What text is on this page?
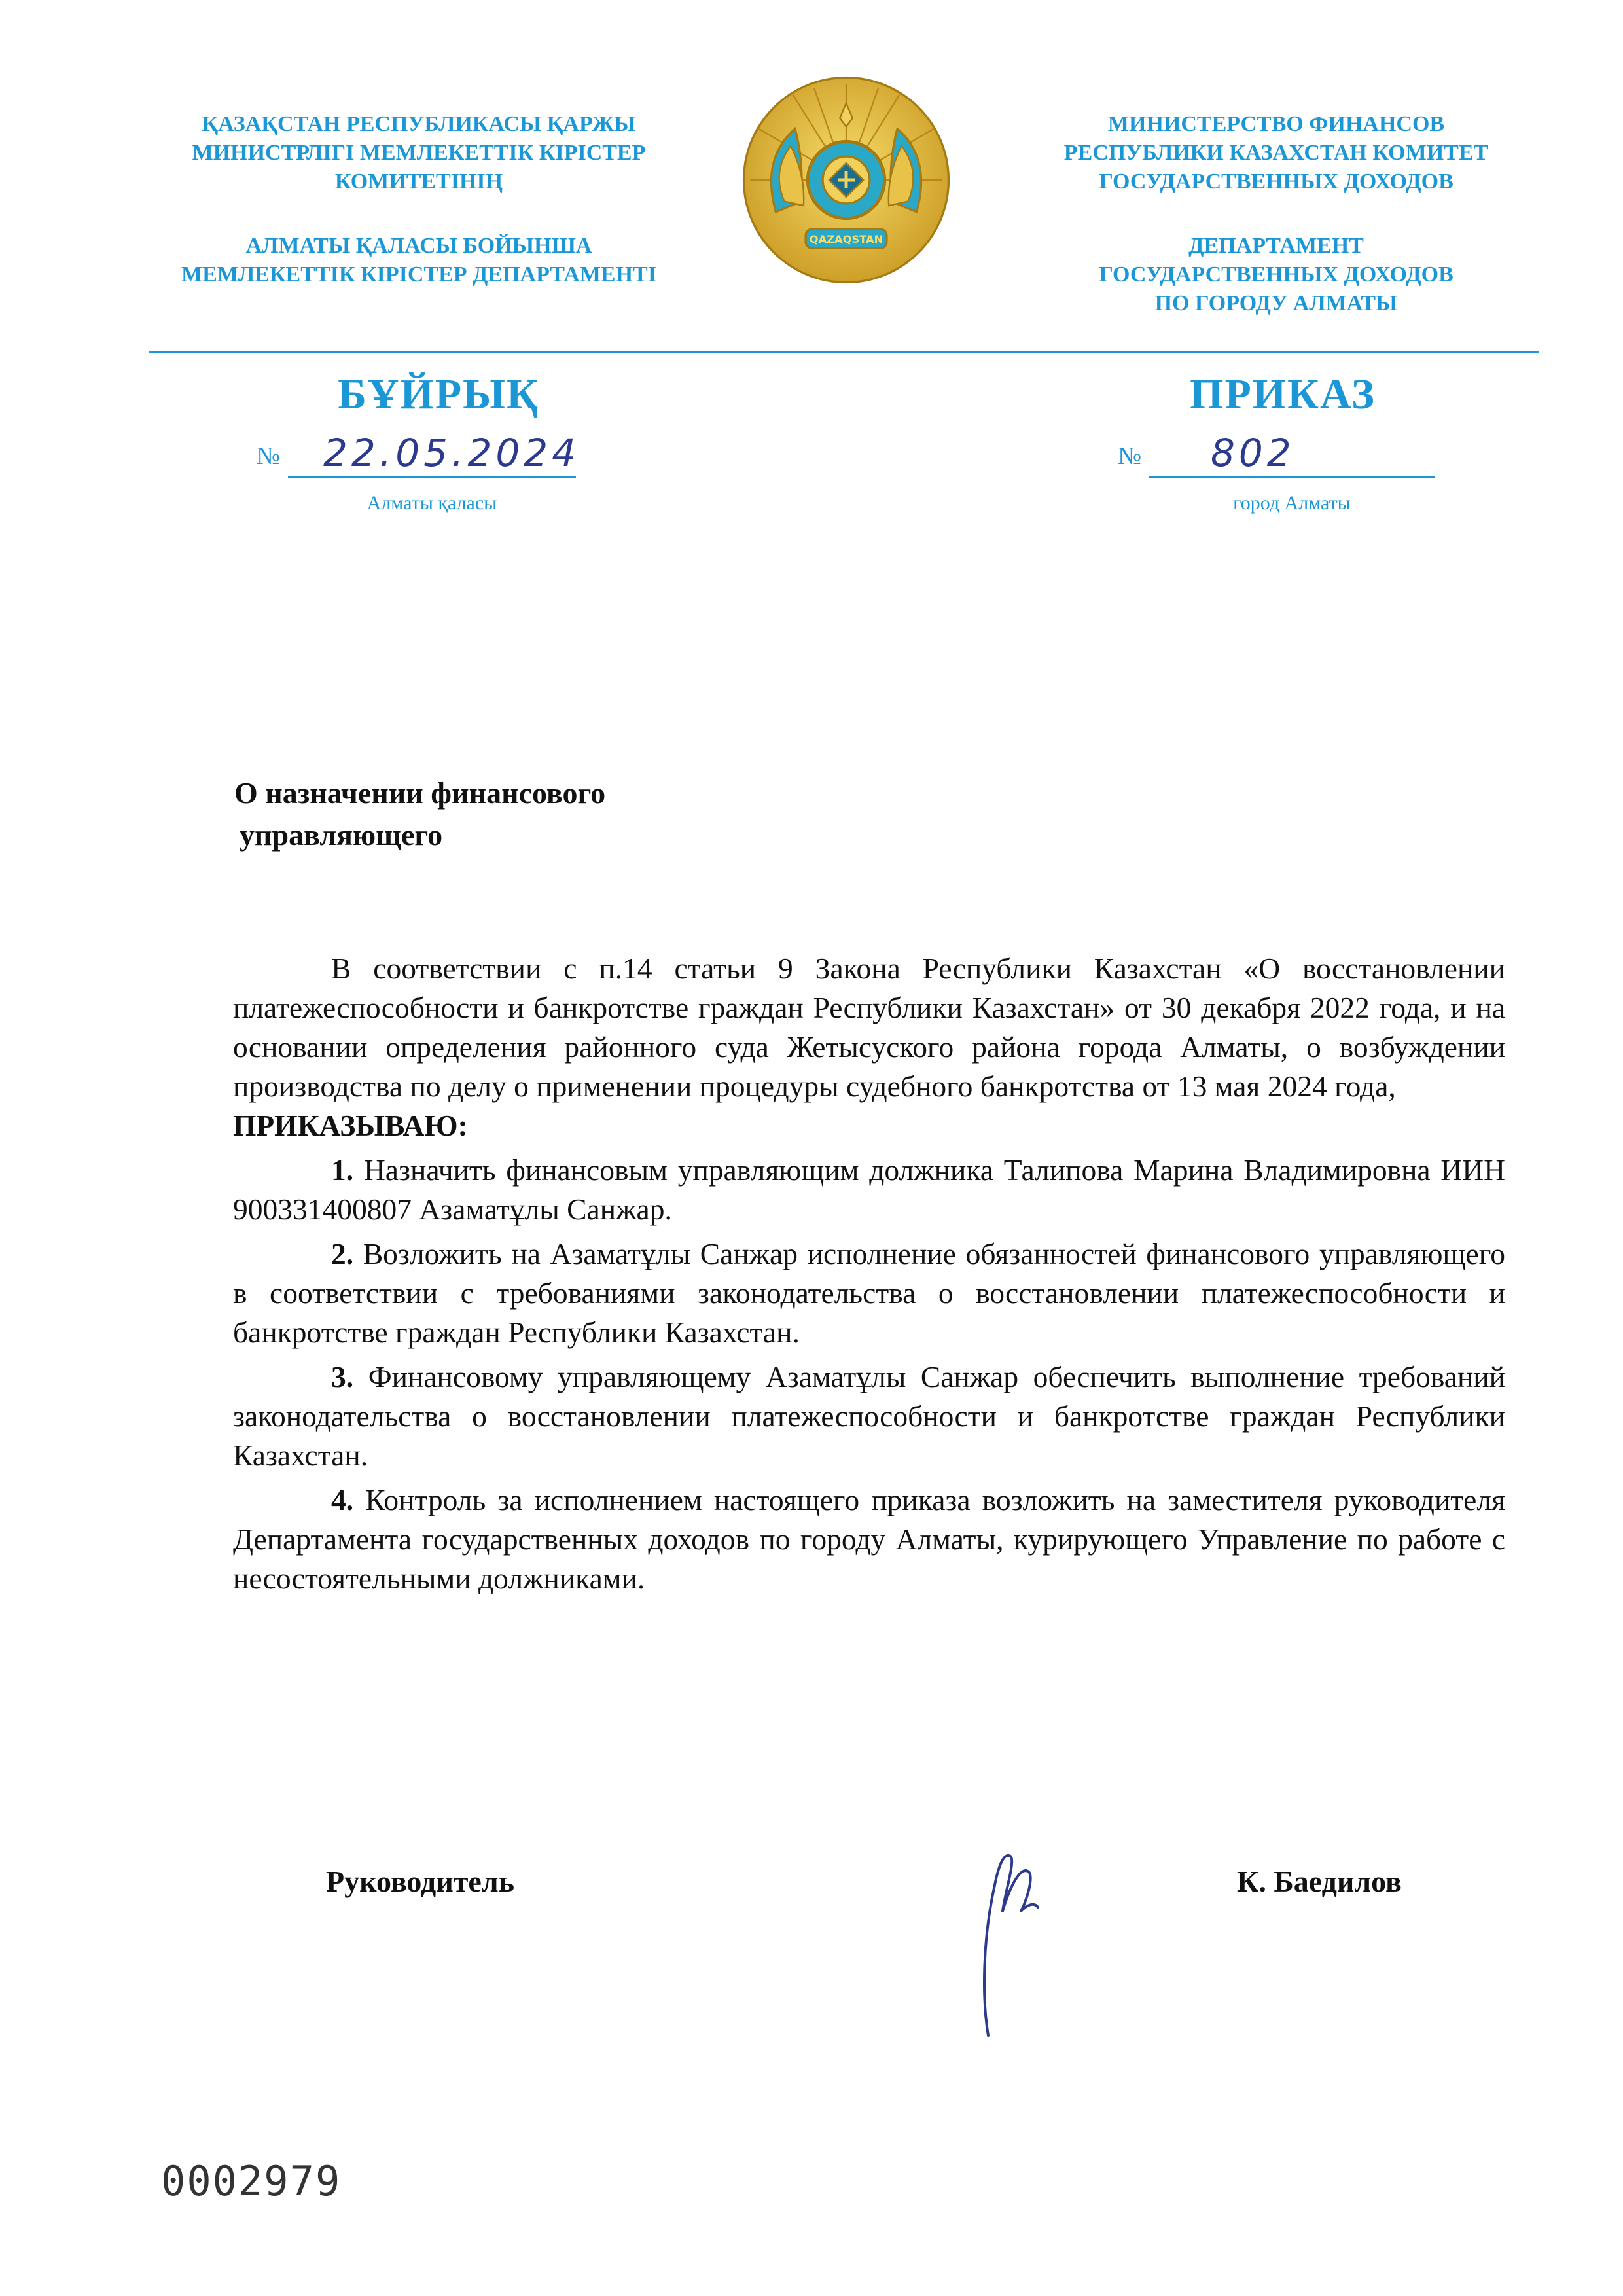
ҚАЗАҚСТАН РЕСПУБЛИКАСЫ ҚАРЖЫ
МИНИСТРЛІГІ МЕМЛЕКЕТТІК КІРІСТЕР
КОМИТЕТІНІҢ
АЛМАТЫ ҚАЛАСЫ БОЙЫНША
МЕМЛЕКЕТТІК КІРІСТЕР ДЕПАРТАМЕНТІ
QAZAQSTAN
МИНИСТЕРСТВО ФИНАНСОВ
РЕСПУБЛИКИ КАЗАХСТАН КОМИТЕТ
ГОСУДАРСТВЕННЫХ ДОХОДОВ
ДЕПАРТАМЕНТ
ГОСУДАРСТВЕННЫХ ДОХОДОВ
ПО ГОРОДУ АЛМАТЫ
БҰЙРЫҚ	ПРИКАЗ
№ 22.05.2024
Алматы қаласы
№ 802
город Алматы
О назначении финансового
управляющего

В соответствии с п.14 статьи 9 Закона Республики Казахстан «О восстановлении платежеспособности и банкротстве граждан Республики Казахстан» от 30 декабря 2022 года, и на основании определения районного суда Жетысуского района города Алматы, о возбуждении производства по делу о применении процедуры судебного банкротства от 13 мая 2024 года,

ПРИКАЗЫВАЮ:

1. Назначить финансовым управляющим должника Талипова Марина Владимировна ИИН 900331400807 Азаматұлы Санжар.

2. Возложить на Азаматұлы Санжар исполнение обязанностей финансового управляющего в соответствии с требованиями законодательства о восстановлении платежеспособности и банкротстве граждан Республики Казахстан.

3. Финансовому управляющему Азаматұлы Санжар обеспечить выполнение требований законодательства о восстановлении платежеспособности и банкротстве граждан Республики Казахстан.

4. Контроль за исполнением настоящего приказа возложить на заместителя руководителя Департамента государственных доходов по городу Алматы, курирующего Управление по работе с несостоятельными должниками.

Руководитель	К. Баедилов
0002979
